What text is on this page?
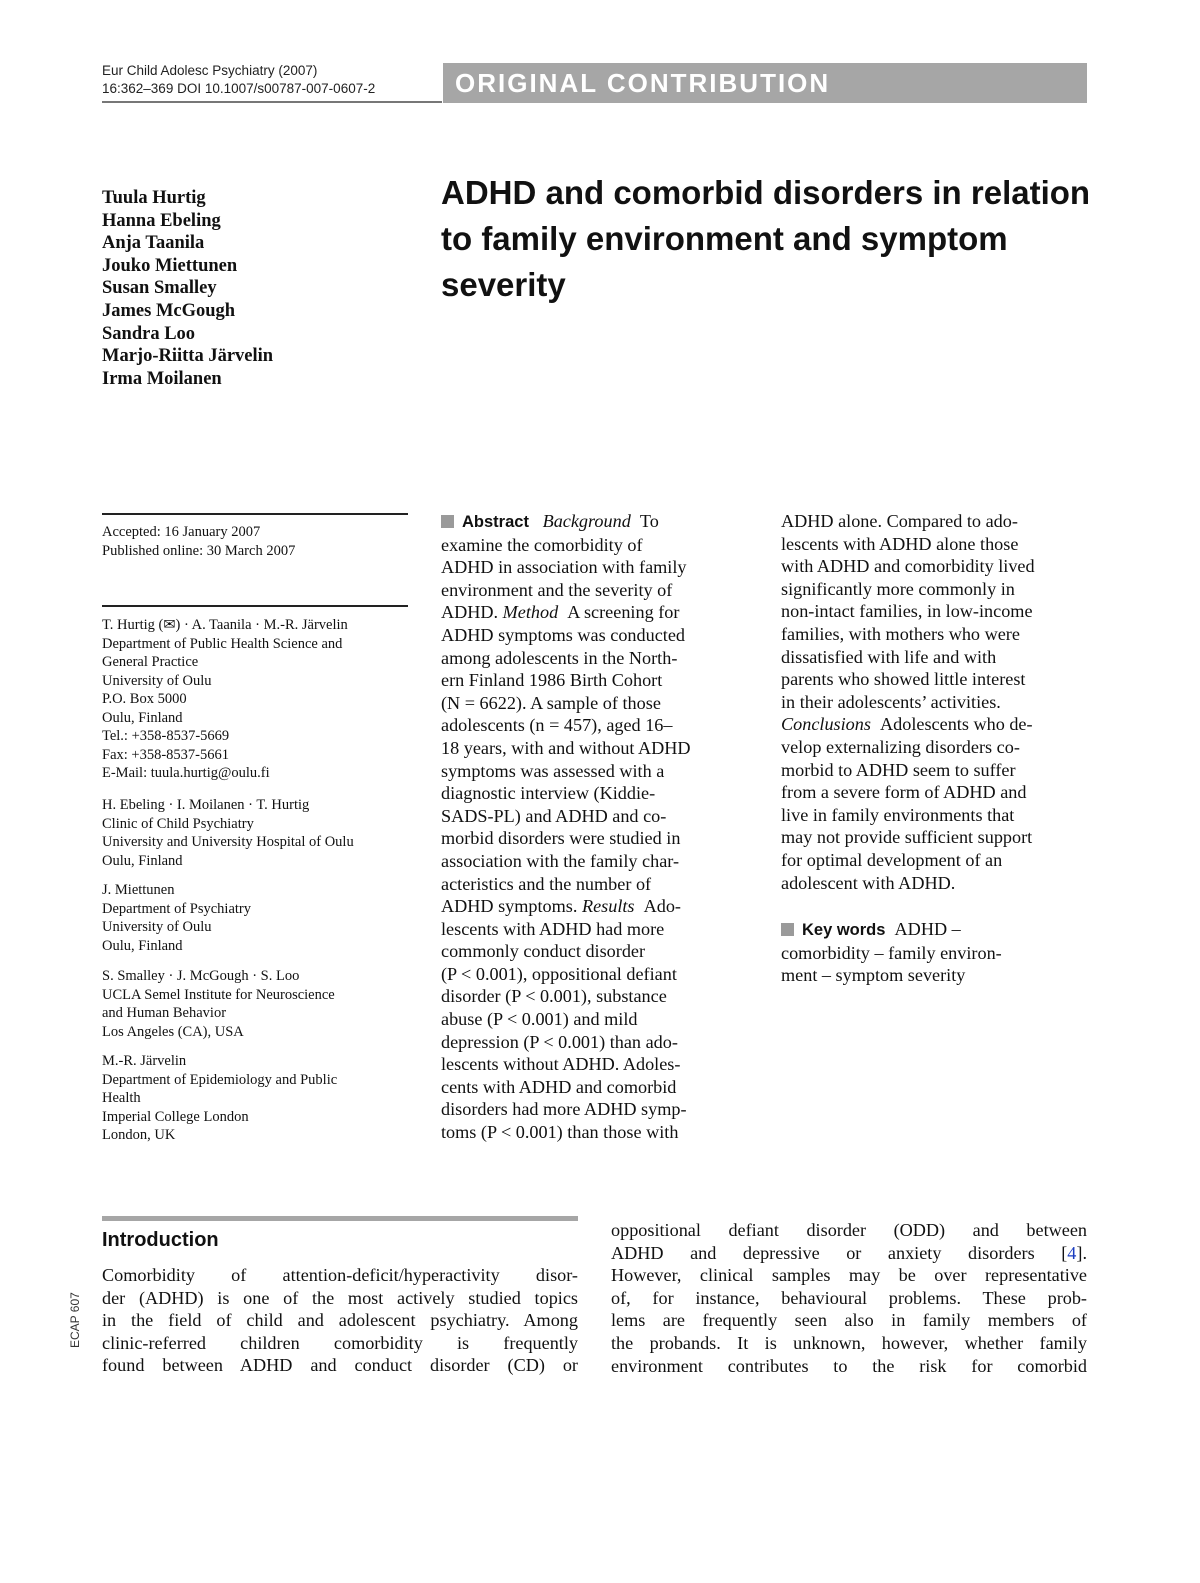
Eur Child Adolesc Psychiatry (2007)
16:362–369 DOI 10.1007/s00787-007-0607-2	ORIGINAL CONTRIBUTION
Tuula Hurtig
Hanna Ebeling
Anja Taanila
Jouko Miettunen
Susan Smalley
James McGough
Sandra Loo
Marjo-Riitta Järvelin
Irma Moilanen
ADHD and comorbid disorders in relation
to family environment and symptom
severity
Accepted: 16 January 2007
Published online: 30 March 2007
T. Hurtig (✉) · A. Taanila · M.-R. Järvelin
Department of Public Health Science and
General Practice
University of Oulu
P.O. Box 5000
Oulu, Finland
Tel.: +358-8537-5669
Fax: +358-8537-5661
E-Mail: tuula.hurtig@oulu.fi
H. Ebeling · I. Moilanen · T. Hurtig
Clinic of Child Psychiatry
University and University Hospital of Oulu
Oulu, Finland
J. Miettunen
Department of Psychiatry
University of Oulu
Oulu, Finland
S. Smalley · J. McGough · S. Loo
UCLA Semel Institute for Neuroscience
and Human Behavior
Los Angeles (CA), USA
M.-R. Järvelin
Department of Epidemiology and Public
Health
Imperial College London
London, UK
Abstract Background To
examine the comorbidity of
ADHD in association with family
environment and the severity of
ADHD. Method A screening for
ADHD symptoms was conducted
among adolescents in the North-
ern Finland 1986 Birth Cohort
(N = 6622). A sample of those
adolescents (n = 457), aged 16–
18 years, with and without ADHD
symptoms was assessed with a
diagnostic interview (Kiddie-
SADS-PL) and ADHD and co-
morbid disorders were studied in
association with the family char-
acteristics and the number of
ADHD symptoms. Results Ado-
lescents with ADHD had more
commonly conduct disorder
(P < 0.001), oppositional defiant
disorder (P < 0.001), substance
abuse (P < 0.001) and mild
depression (P < 0.001) than ado-
lescents without ADHD. Adoles-
cents with ADHD and comorbid
disorders had more ADHD symp-
toms (P < 0.001) than those with
ADHD alone. Compared to ado-
lescents with ADHD alone those
with ADHD and comorbidity lived
significantly more commonly in
non-intact families, in low-income
families, with mothers who were
dissatisfied with life and with
parents who showed little interest
in their adolescents’ activities.
Conclusions Adolescents who de-
velop externalizing disorders co-
morbid to ADHD seem to suffer
from a severe form of ADHD and
live in family environments that
may not provide sufficient support
for optimal development of an
adolescent with ADHD.
Key words ADHD –
comorbidity – family environ-
ment – symptom severity
Introduction
Comorbidity of attention-deficit/hyperactivity disor-
der (ADHD) is one of the most actively studied topics
in the field of child and adolescent psychiatry. Among
clinic-referred children comorbidity is frequently
found between ADHD and conduct disorder (CD) or
oppositional defiant disorder (ODD) and between
ADHD and depressive or anxiety disorders [4].
However, clinical samples may be over representative
of, for instance, behavioural problems. These prob-
lems are frequently seen also in family members of
the probands. It is unknown, however, whether family
environment contributes to the risk for comorbid
ECAP 607
